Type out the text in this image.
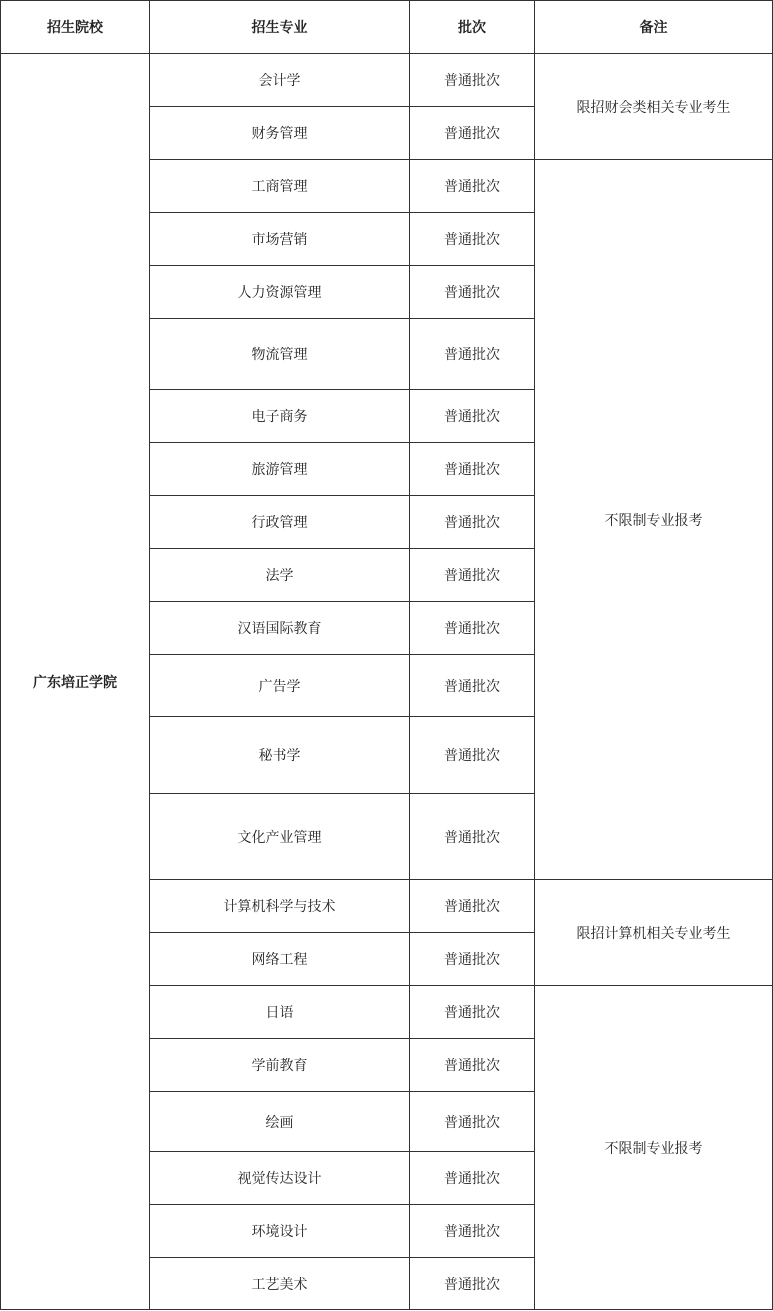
招生院校	招生专业	批次	备注
广东培正学院	会计学	普通批次	限招财会类相关专业考生
	财务管理	普通批次	
	工商管理	普通批次	不限制专业报考
	市场营销	普通批次	
	人力资源管理	普通批次	
	物流管理	普通批次	
	电子商务	普通批次	
	旅游管理	普通批次	
	行政管理	普通批次	
	法学	普通批次	
	汉语国际教育	普通批次	
	广告学	普通批次	
	秘书学	普通批次	
	文化产业管理	普通批次	
	计算机科学与技术	普通批次	限招计算机相关专业考生
	网络工程	普通批次	
	日语	普通批次	不限制专业报考
	学前教育	普通批次	
	绘画	普通批次	
	视觉传达设计	普通批次	
	环境设计	普通批次	
	工艺美术	普通批次	
